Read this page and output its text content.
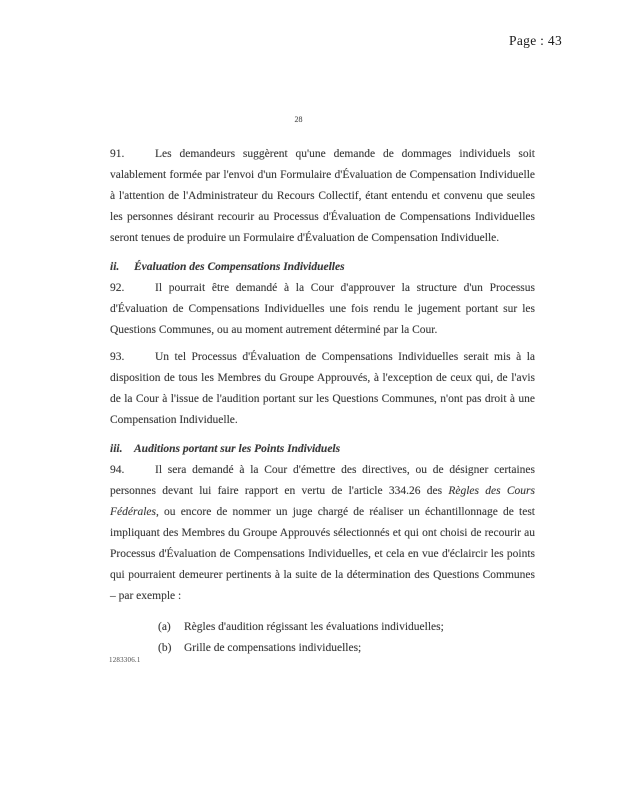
Page : 43
28

91.	Les demandeurs suggèrent qu'une demande de dommages individuels soit valablement formée par l'envoi d'un Formulaire d'Évaluation de Compensation Individuelle à l'attention de l'Administrateur du Recours Collectif, étant entendu et convenu que seules les personnes désirant recourir au Processus d'Évaluation de Compensations Individuelles seront tenues de produire un Formulaire d'Évaluation de Compensation Individuelle.

ii. Évaluation des Compensations Individuelles

92.	Il pourrait être demandé à la Cour d'approuver la structure d'un Processus d'Évaluation de Compensations Individuelles une fois rendu le jugement portant sur les Questions Communes, ou au moment autrement déterminé par la Cour.

93.	Un tel Processus d'Évaluation de Compensations Individuelles serait mis à la disposition de tous les Membres du Groupe Approuvés, à l'exception de ceux qui, de l'avis de la Cour à l'issue de l'audition portant sur les Questions Communes, n'ont pas droit à une Compensation Individuelle.

iii. Auditions portant sur les Points Individuels

94.	Il sera demandé à la Cour d'émettre des directives, ou de désigner certaines personnes devant lui faire rapport en vertu de l'article 334.26 des Règles des Cours Fédérales, ou encore de nommer un juge chargé de réaliser un échantillonnage de test impliquant des Membres du Groupe Approuvés sélectionnés et qui ont choisi de recourir au Processus d'Évaluation de Compensations Individuelles, et cela en vue d'éclaircir les points qui pourraient demeurer pertinents à la suite de la détermination des Questions Communes – par exemple :

(a) Règles d'audition régissant les évaluations individuelles;
(b) Grille de compensations individuelles;
1283306.1
